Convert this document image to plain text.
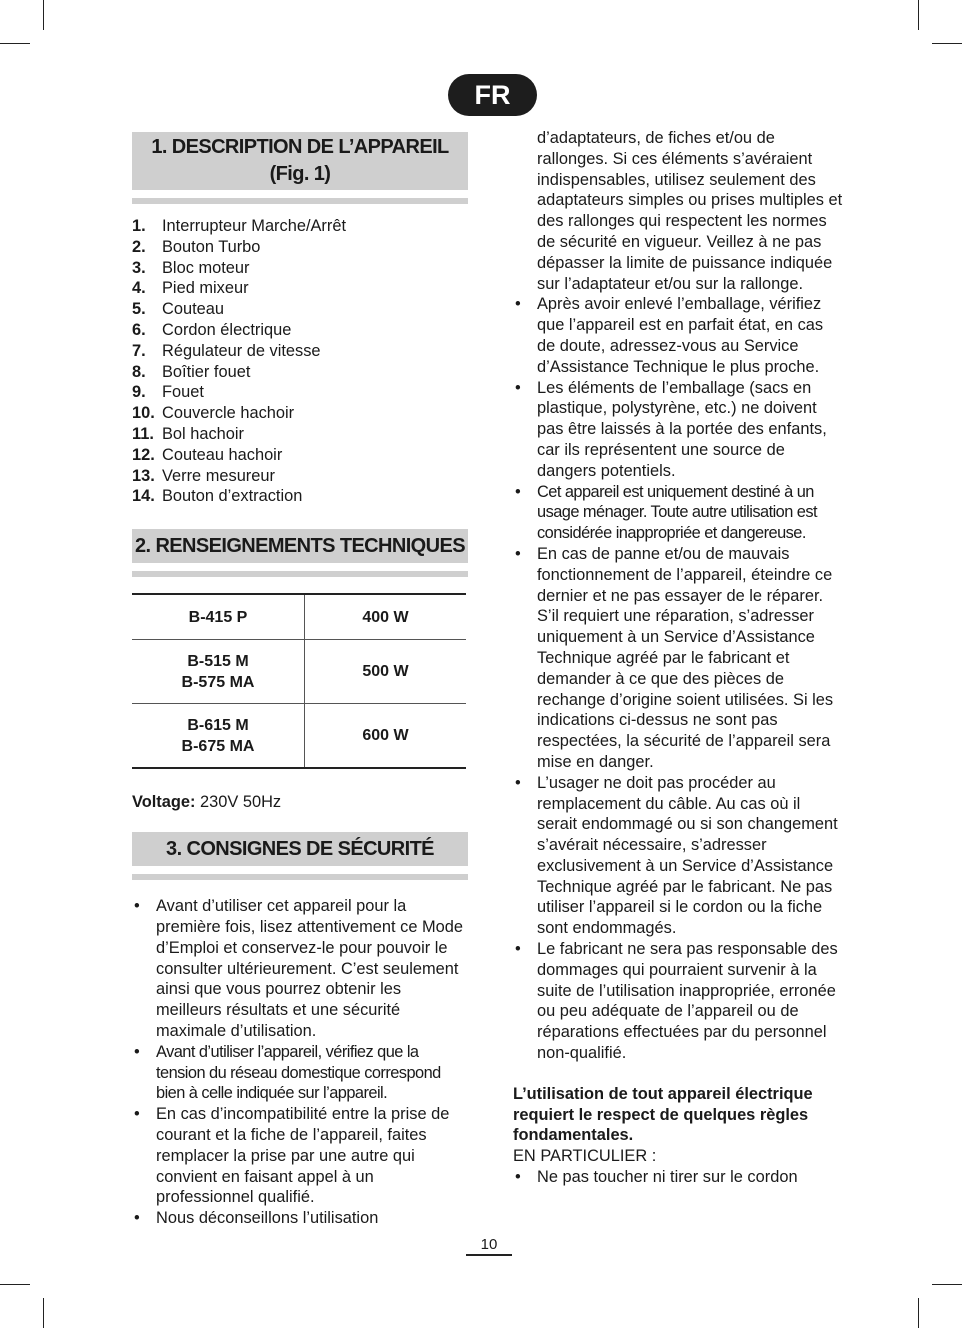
FR
1. DESCRIPTION DE L’APPAREIL
(Fig. 1)
1. Interrupteur Marche/Arrêt
2. Bouton Turbo
3. Bloc moteur
4. Pied mixeur
5. Couteau
6. Cordon électrique
7. Régulateur de vitesse
8. Boîtier fouet
9. Fouet
10. Couvercle hachoir
11. Bol hachoir
12. Couteau hachoir
13. Verre mesureur
14. Bouton d’extraction
2. RENSEIGNEMENTS TECHNIQUES
B-415 P	400 W

B-515 M
B-575 MA	500 W

B-615 M
B-675 MA	600 W
Voltage: 230V 50Hz
3. CONSIGNES DE SÉCURITÉ
• Avant d’utiliser cet appareil pour la première fois, lisez attentivement ce Mode d’Emploi et conservez-le pour pouvoir le consulter ultérieurement. C’est seulement ainsi que vous pourrez obtenir les meilleurs résultats et une sécurité maximale d’utilisation.
• Avant d’utiliser l’appareil, vérifiez que la tension du réseau domestique correspond bien à celle indiquée sur l’appareil.
• En cas d’incompatibilité entre la prise de courant et la fiche de l’appareil, faites remplacer la prise par une autre qui convient en faisant appel à un professionnel qualifié.
• Nous déconseillons l’utilisation
d’adaptateurs, de fiches et/ou de rallonges. Si ces éléments s’avéraient indispensables, utilisez seulement des adaptateurs simples ou prises multiples et des rallonges qui respectent les normes de sécurité en vigueur. Veillez à ne pas dépasser la limite de puissance indiquée sur l’adaptateur et/ou sur la rallonge.
• Après avoir enlevé l’emballage, vérifiez que l’appareil est en parfait état, en cas de doute, adressez-vous au Service d’Assistance Technique le plus proche.
• Les éléments de l’emballage (sacs en plastique, polystyrène, etc.) ne doivent pas être laissés à la portée des enfants, car ils représentent une source de dangers potentiels.
• Cet appareil est uniquement destiné à un usage ménager. Toute autre utilisation est considérée inappropriée et dangereuse.
• En cas de panne et/ou de mauvais fonctionnement de l’appareil, éteindre ce dernier et ne pas essayer de le réparer. S’il requiert une réparation, s’adresser uniquement à un Service d’Assistance Technique agréé par le fabricant et demander à ce que des pièces de rechange d’origine soient utilisées. Si les indications ci-dessus ne sont pas respectées, la sécurité de l’appareil sera mise en danger.
• L’usager ne doit pas procéder au remplacement du câble. Au cas où il serait endommagé ou si son changement s’avérait nécessaire, s’adresser exclusivement à un Service d’Assistance Technique agréé par le fabricant. Ne pas utiliser l’appareil si le cordon ou la fiche sont endommagés.
• Le fabricant ne sera pas responsable des dommages qui pourraient survenir à la suite de l’utilisation inappropriée, erronée ou peu adéquate de l’appareil ou de réparations effectuées par du personnel non-qualifié.
L’utilisation de tout appareil électrique requiert le respect de quelques règles fondamentales.
EN PARTICULIER :
• Ne pas toucher ni tirer sur le cordon
10
